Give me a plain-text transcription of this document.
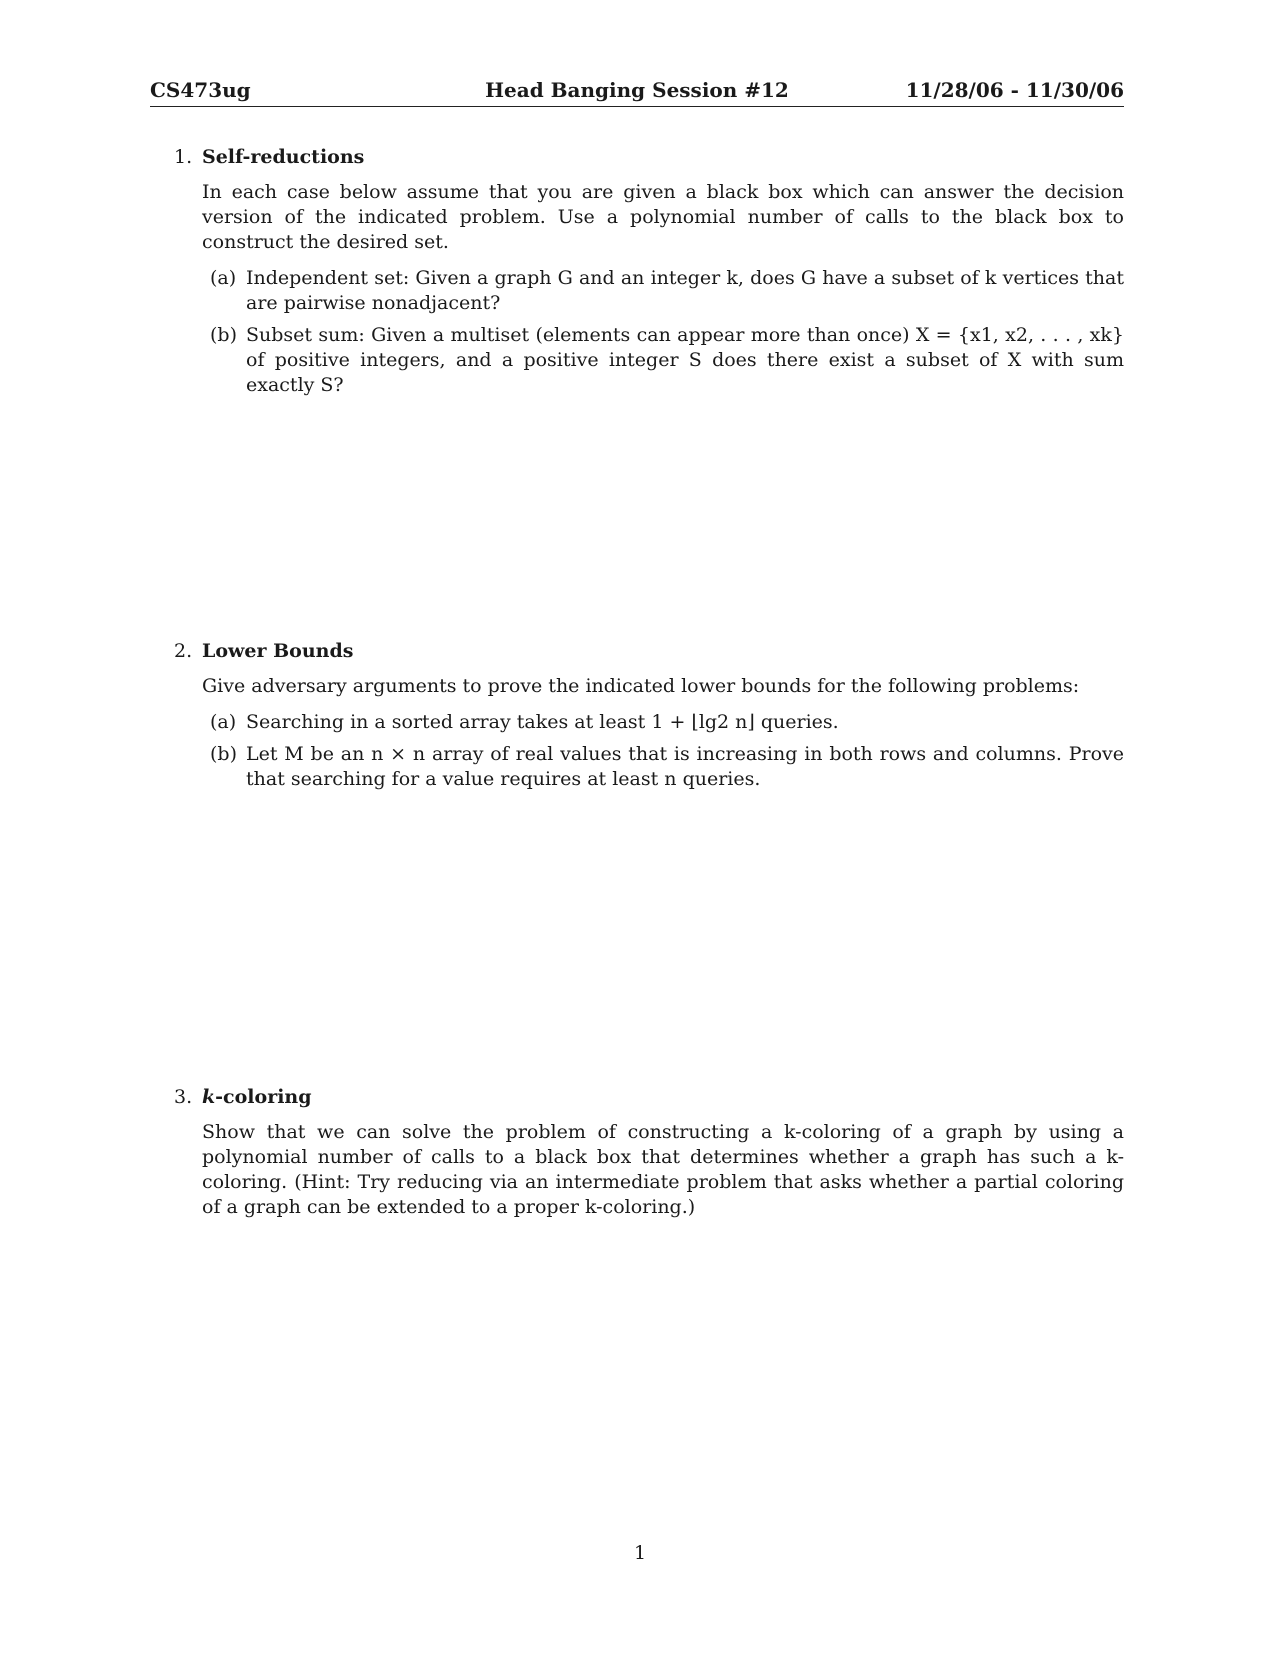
CS473ug	Head Banging Session #12	11/28/06 - 11/30/06
1. Self-reductions
In each case below assume that you are given a black box which can answer the decision version of the indicated problem. Use a polynomial number of calls to the black box to construct the desired set.
(a) Independent set: Given a graph G and an integer k, does G have a subset of k vertices that are pairwise nonadjacent?
(b) Subset sum: Given a multiset (elements can appear more than once) X = {x1, x2, . . . , xk} of positive integers, and a positive integer S does there exist a subset of X with sum exactly S?
2. Lower Bounds
Give adversary arguments to prove the indicated lower bounds for the following problems:
(a) Searching in a sorted array takes at least 1 + ⌊lg2 n⌋ queries.
(b) Let M be an n × n array of real values that is increasing in both rows and columns. Prove that searching for a value requires at least n queries.
3. k-coloring
Show that we can solve the problem of constructing a k-coloring of a graph by using a polynomial number of calls to a black box that determines whether a graph has such a k-coloring. (Hint: Try reducing via an intermediate problem that asks whether a partial coloring of a graph can be extended to a proper k-coloring.)
1
